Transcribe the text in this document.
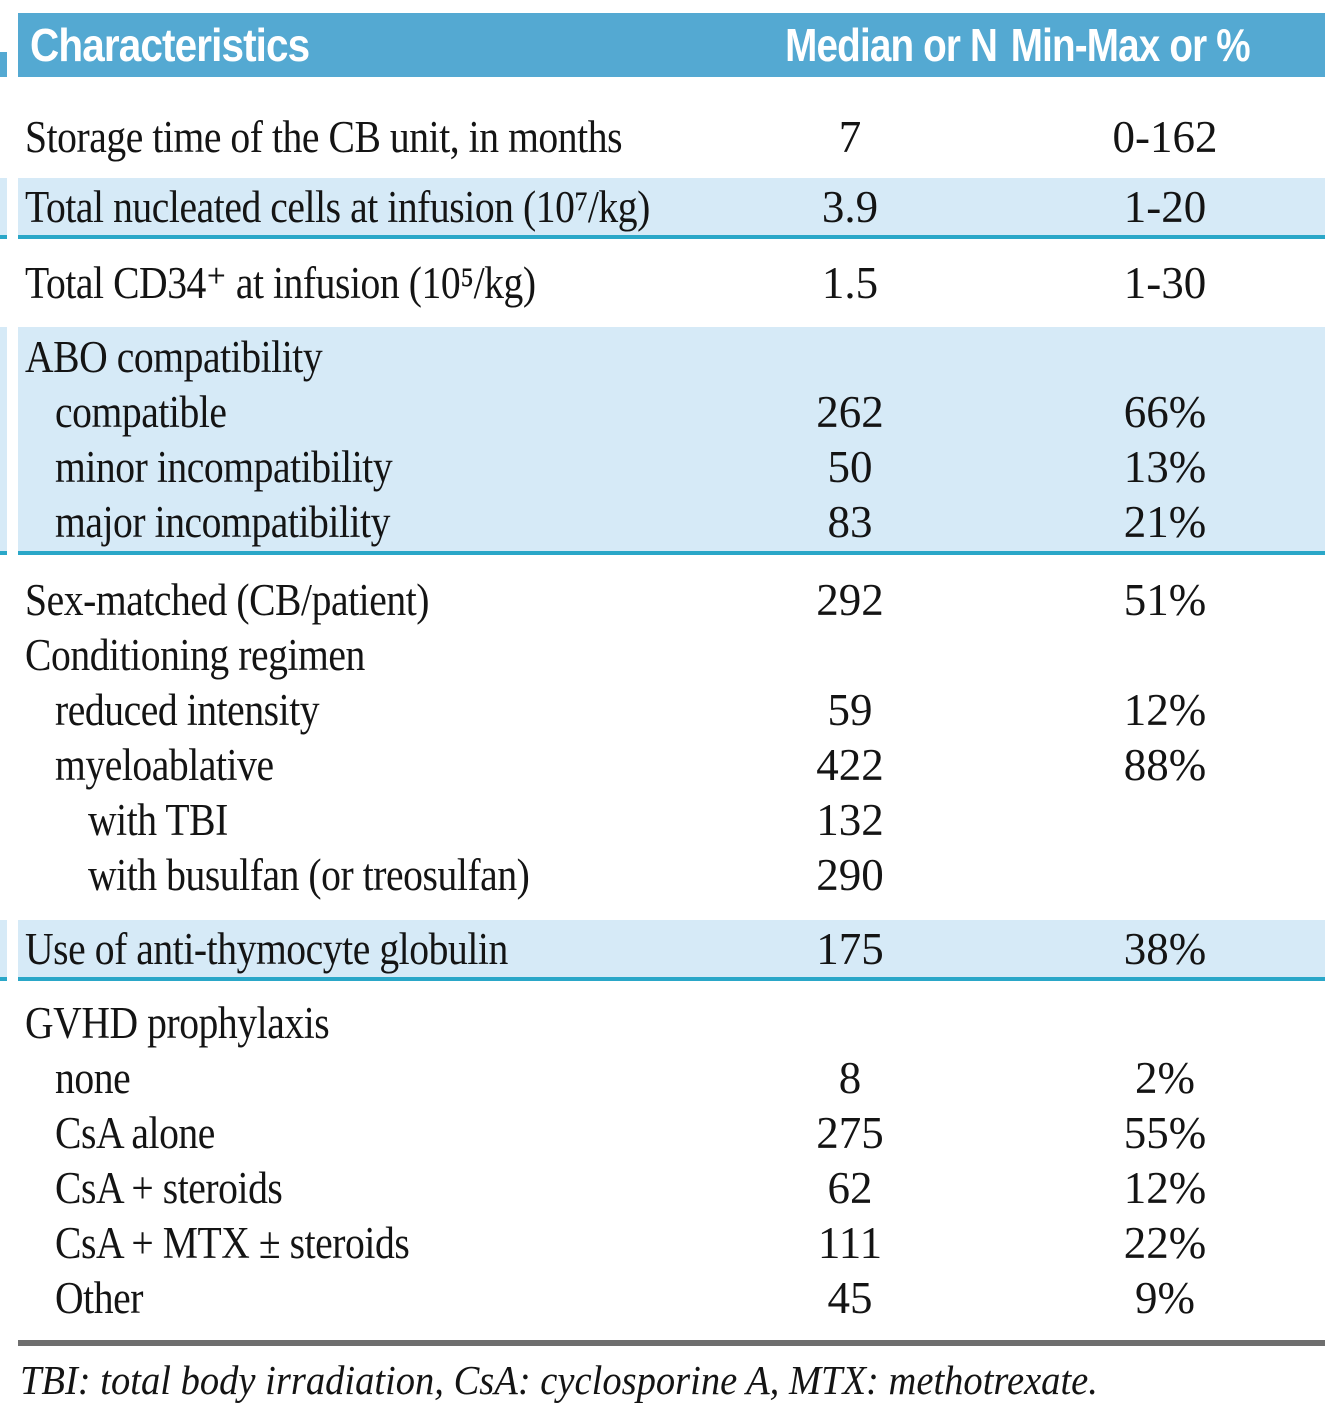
Characteristics	Median or N Min-Max or %
Storage time of the CB unit, in months	7	0-162
Total nucleated cells at infusion (10⁷/kg)	3.9	1-20
Total CD34⁺ at infusion (10⁵/kg)	1.5	1-30
ABO compatibility
compatible	262	66%
minor incompatibility	50	13%
major incompatibility	83	21%
Sex-matched (CB/patient)	292	51%
Conditioning regimen
reduced intensity	59	12%
myeloablative	422	88%
with TBI	132
with busulfan (or treosulfan)	290
Use of anti-thymocyte globulin	175	38%
GVHD prophylaxis
none	8	2%
CsA alone	275	55%
CsA + steroids	62	12%
CsA + MTX ± steroids	111	22%
Other	45	9%
TBI: total body irradiation, CsA: cyclosporine A, MTX: methotrexate.
